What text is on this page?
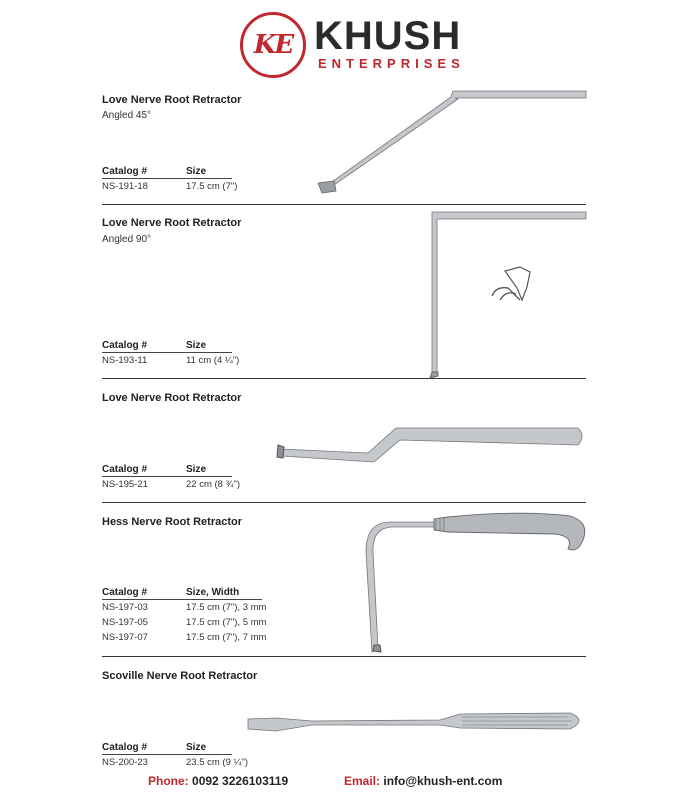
KE KHUSH
ENTERPRISES
Love Nerve Root Retractor
Angled 45°
Catalog #	Size
NS-191-18	17.5 cm (7")
Love Nerve Root Retractor
Angled 90°
Catalog #	Size
NS-193-11	11 cm (4 ¼")
Love Nerve Root Retractor
Catalog #	Size
NS-195-21	22 cm (8 ¾")
Hess Nerve Root Retractor
Catalog #	Size, Width
NS-197-03	17.5 cm (7"), 3 mm
NS-197-05	17.5 cm (7"), 5 mm
NS-197-07	17.5 cm (7"), 7 mm
Scoville Nerve Root Retractor
Catalog #	Size
NS-200-23	23.5 cm (9 ¼")
Phone: 0092 3226103119	Email: info@khush-ent.com
